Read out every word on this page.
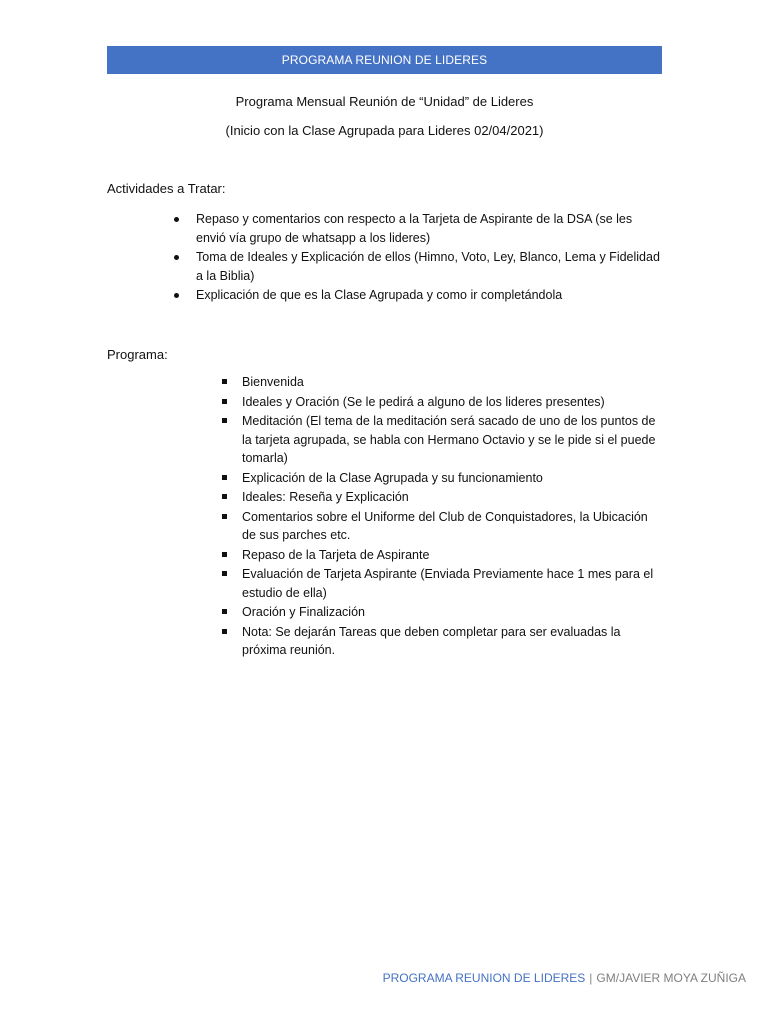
PROGRAMA REUNION DE LIDERES
Programa Mensual Reunión de “Unidad” de Lideres
(Inicio con la Clase Agrupada para Lideres 02/04/2021)
Actividades a Tratar:
Repaso y comentarios con respecto a la Tarjeta de Aspirante de la DSA (se les envió vía grupo de whatsapp a los lideres)
Toma de Ideales y Explicación de ellos (Himno, Voto, Ley, Blanco, Lema y Fidelidad a la Biblia)
Explicación de que es la Clase Agrupada y como ir completándola
Programa:
Bienvenida
Ideales y Oración (Se le pedirá a alguno de los lideres presentes)
Meditación (El tema de la meditación será sacado de uno de los puntos de la tarjeta agrupada, se habla con Hermano Octavio y se le pide si el puede tomarla)
Explicación de la Clase Agrupada y su funcionamiento
Ideales: Reseña y Explicación
Comentarios sobre el Uniforme del Club de Conquistadores, la Ubicación de sus parches etc.
Repaso de la Tarjeta de Aspirante
Evaluación de Tarjeta Aspirante (Enviada Previamente hace 1 mes para el estudio de ella)
Oración y Finalización
Nota: Se dejarán Tareas que deben completar para ser evaluadas la próxima reunión.
PROGRAMA REUNION DE LIDERES | GM/JAVIER MOYA ZUÑIGA
